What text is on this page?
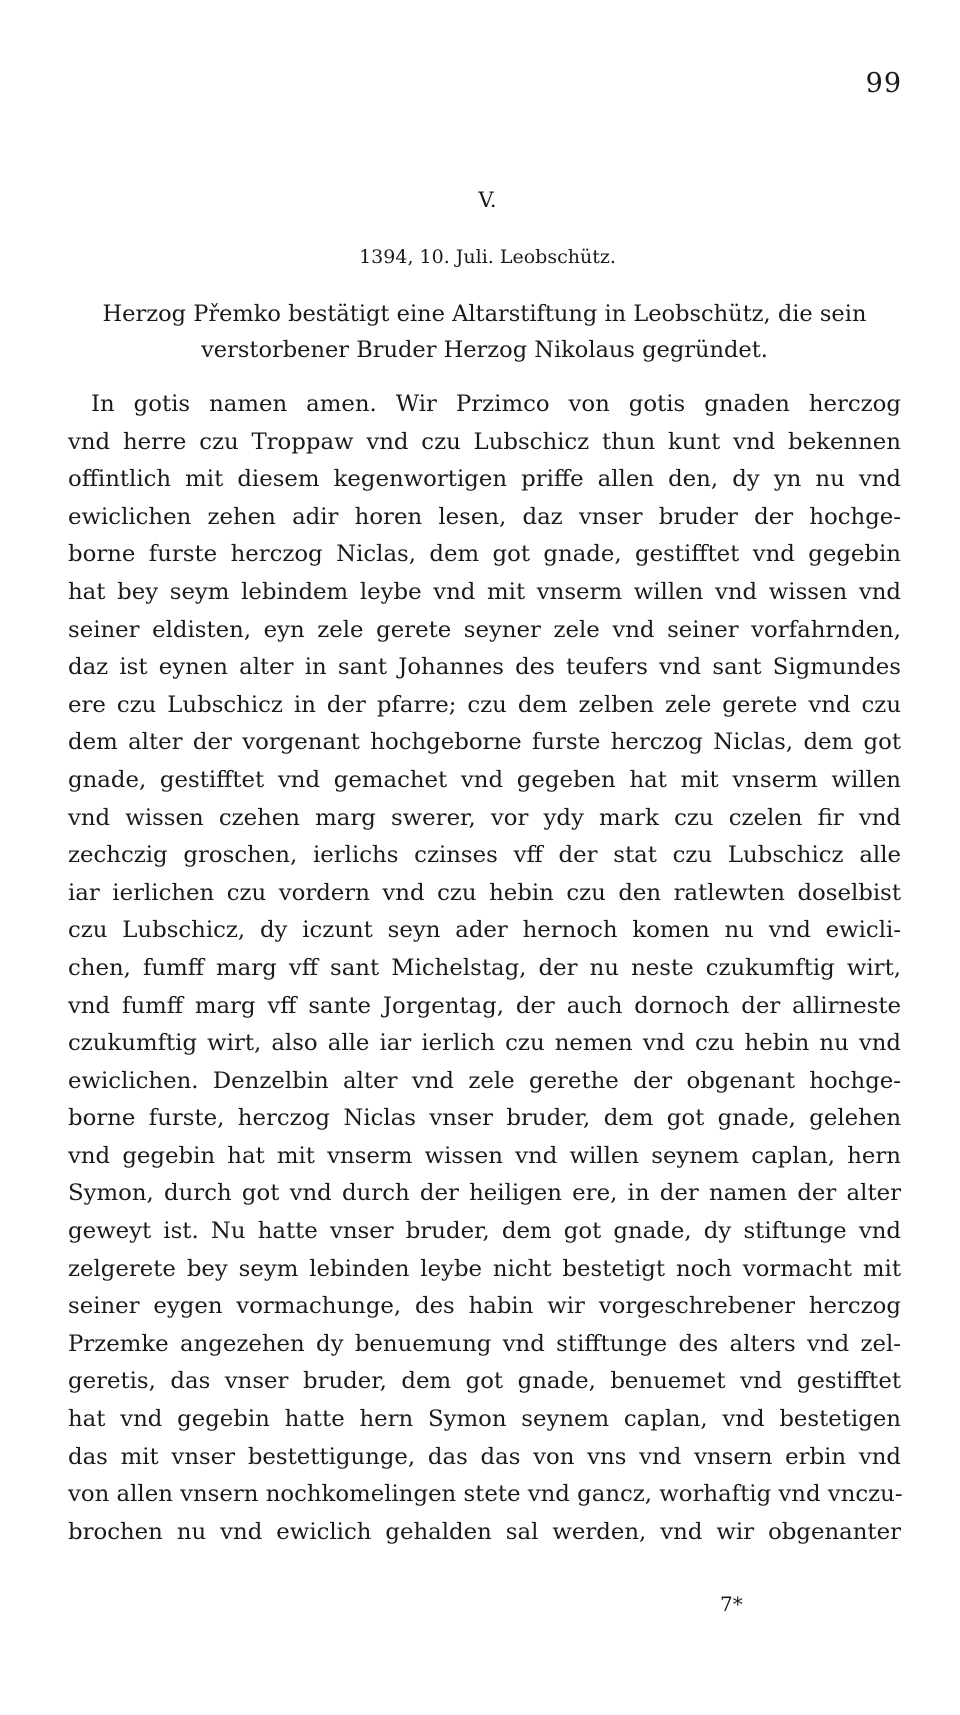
99
V.
1394, 10. Juli. Leobschütz.
Herzog Přemko bestätigt eine Altarstiftung in Leobschütz, die sein verstorbener Bruder Herzog Nikolaus gegründet.
In gotis namen amen. Wir Przimco von gotis gnaden herczog
vnd herre czu Troppaw vnd czu Lubschicz thun kunt vnd bekennen
offintlich mit diesem kegenwortigen priffe allen den, dy yn nu vnd
ewiclichen zehen adir horen lesen, daz vnser bruder der hochge-
borne furste herczog Niclas, dem got gnade, gestifftet vnd gegebin
hat bey seym lebindem leybe vnd mit vnserm willen vnd wissen vnd
seiner eldisten, eyn zele gerete seyner zele vnd seiner vorfahrnden,
daz ist eynen alter in sant Johannes des teufers vnd sant Sigmundes
ere czu Lubschicz in der pfarre; czu dem zelben zele gerete vnd czu
dem alter der vorgenant hochgeborne furste herczog Niclas, dem got
gnade, gestifftet vnd gemachet vnd gegeben hat mit vnserm willen
vnd wissen czehen marg swerer, vor ydy mark czu czelen fir vnd
zechczig groschen, ierlichs czinses vff der stat czu Lubschicz alle
iar ierlichen czu vordern vnd czu hebin czu den ratlewten doselbist
czu Lubschicz, dy iczunt seyn ader hernoch komen nu vnd ewicli-
chen, fumff marg vff sant Michelstag, der nu neste czukumftig wirt,
vnd fumff marg vff sante Jorgentag, der auch dornoch der allirneste
czukumftig wirt, also alle iar ierlich czu nemen vnd czu hebin nu vnd
ewiclichen. Denzelbin alter vnd zele gerethe der obgenant hochge-
borne furste, herczog Niclas vnser bruder, dem got gnade, gelehen
vnd gegebin hat mit vnserm wissen vnd willen seynem caplan, hern
Symon, durch got vnd durch der heiligen ere, in der namen der alter
geweyt ist. Nu hatte vnser bruder, dem got gnade, dy stiftunge vnd
zelgerete bey seym lebinden leybe nicht bestetigt noch vormacht mit
seiner eygen vormachunge, des habin wir vorgeschrebener herczog
Przemke angezehen dy benuemung vnd stifftunge des alters vnd zel-
geretis, das vnser bruder, dem got gnade, benuemet vnd gestifftet
hat vnd gegebin hatte hern Symon seynem caplan, vnd bestetigen
das mit vnser bestettigunge, das das von vns vnd vnsern erbin vnd
von allen vnsern nochkomelingen stete vnd gancz, worhaftig vnd vnczu-
brochen nu vnd ewiclich gehalden sal werden, vnd wir obgenanter
7*
